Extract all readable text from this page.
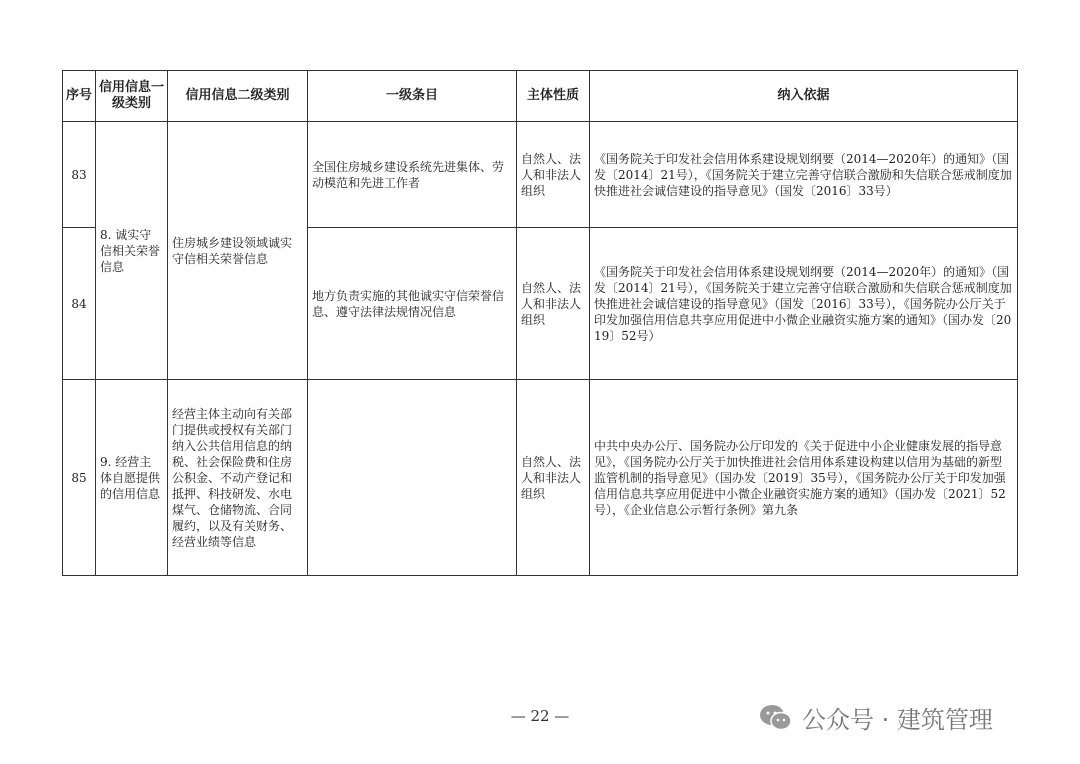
序号	信用信息一级类别	信用信息二级类别	一级条目	主体性质	纳入依据
83	8. 诚实守信相关荣誉信息	住房城乡建设领域诚实守信相关荣誉信息	全国住房城乡建设系统先进集体、劳动模范和先进工作者	自然人、法人和非法人组织	《国务院关于印发社会信用体系建设规划纲要（2014—2020年）的通知》（国发〔2014〕21号），《国务院关于建立完善守信联合激励和失信联合惩戒制度加快推进社会诚信建设的指导意见》（国发〔2016〕33号）
84			地方负责实施的其他诚实守信荣誉信息、遵守法律法规情况信息	自然人、法人和非法人组织	《国务院关于印发社会信用体系建设规划纲要（2014—2020年）的通知》（国发〔2014〕21号），《国务院关于建立完善守信联合激励和失信联合惩戒制度加快推进社会诚信建设的指导意见》（国发〔2016〕33号），《国务院办公厅关于印发加强信用信息共享应用促进中小微企业融资实施方案的通知》（国办发〔2019〕52号）
85	9. 经营主体自愿提供的信用信息	经营主体主动向有关部门提供或授权有关部门纳入公共信用信息的纳税、社会保险费和住房公积金、不动产登记和抵押、科技研发、水电煤气、仓储物流、合同履约，以及有关财务、经营业绩等信息		自然人、法人和非法人组织	中共中央办公厅、国务院办公厅印发的《关于促进中小企业健康发展的指导意见》，《国务院办公厅关于加快推进社会信用体系建设构建以信用为基础的新型监管机制的指导意见》（国办发〔2019〕35号），《国务院办公厅关于印发加强信用信息共享应用促进中小微企业融资实施方案的通知》（国办发〔2021〕52号），《企业信息公示暂行条例》第九条
— 22 —	公众号 · 建筑管理
